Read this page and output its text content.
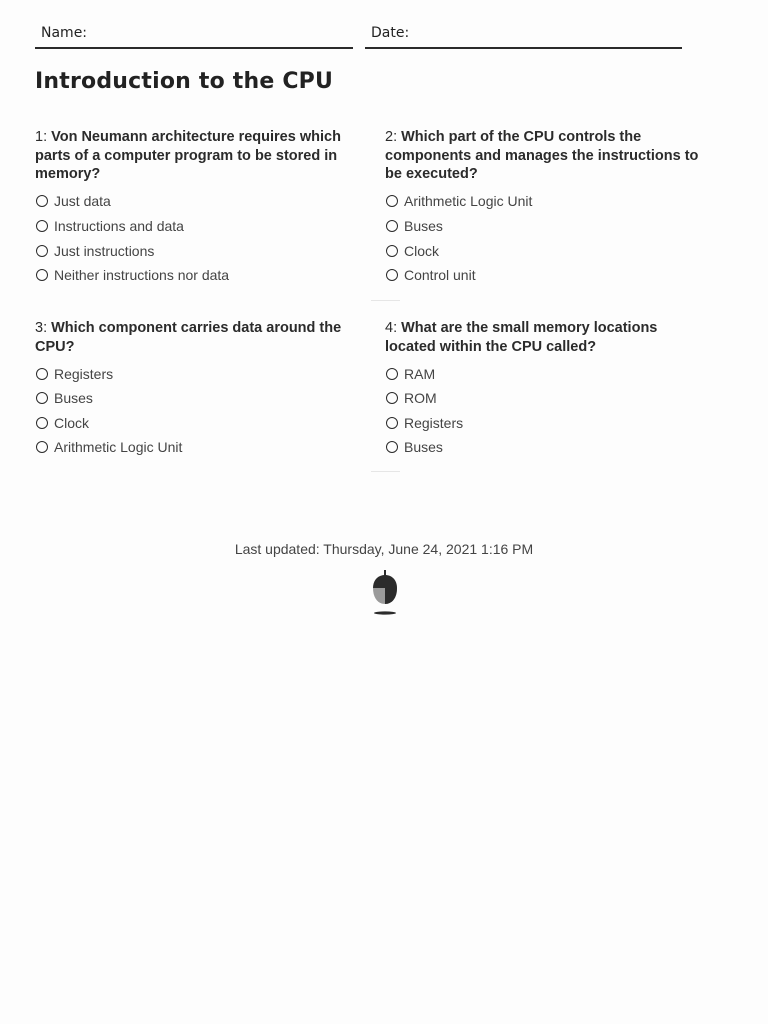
Name:	Date:
Introduction to the CPU

1: Von Neumann architecture requires which parts of a computer program to be stored in memory?

Just data
Instructions and data
Just instructions
Neither instructions nor data

2: Which part of the CPU controls the components and manages the instructions to be executed?

Arithmetic Logic Unit
Buses
Clock
Control unit

3: Which component carries data around the CPU?

Registers
Buses
Clock
Arithmetic Logic Unit

4: What are the small memory locations located within the CPU called?

RAM
ROM
Registers
Buses
Last updated: Thursday, June 24, 2021 1:16 PM
